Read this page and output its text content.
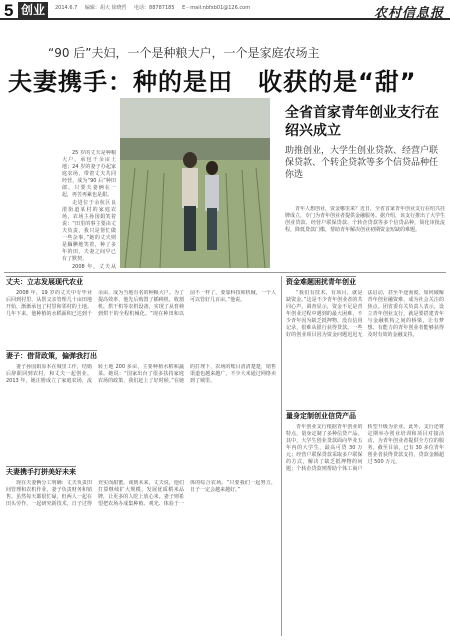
5 创业	2014.6.7 编辑：胡大 徐晓哲 电话：88787185 E－mail:nbfxb01@126.com	农村信息报
“90 后”夫妇，一个是种粮大户，一个是家庭农场主
夫妻携手：种的是田　收获的是“甜”

25 岁的丈夫是种粮大户，承包千余亩土地；24 岁的妻子办起家庭农场，带着丈夫共同经营，成为“90 后”种田郎。只要夫妻俩在一起，再苦再累也是甜。

走进位于余杭区良渚街道某村的家庭农场，农场主孙国娟笑着说：“田里的事主要由丈夫负责，我只是帮忙做一些杂事。”她的丈夫则是腼腆地笑着，种了多年的田，夫妻之间早已有了默契。

2008 年，丈夫从

全省首家青年创业支行在绍兴成立
助推创业，大学生创业贷款、经营户联保贷款、个转企贷款等多个信贷品种任你选

青年人想创业，资金哪里来？近日，全省首家青年创业支行在绍兴挂牌成立，专门为青年创业者提供金融服务。据介绍，该支行推出了大学生创业贷款、经营户联保贷款、个转企贷款等多个信贷品种，简化审批流程，降低贷款门槛，帮助青年解决创业初期资金短缺的难题。

丈夫：立志发展现代农业

2008 年，19 岁的丈夫中专毕业后回到村里，从帮父亲管理几十亩田地开始，渐渐承包了村里和邻村的土地。几年下来，他种植的水稻面积已达到千余亩，成为当地有名的种粮大户。为了提高效率，他先后购置了插秧机、收割机、烘干机等农机设备，实现了从育秧到烘干的全程机械化。“现在种田和以前不一样了，要靠科技和机械，一个人可以管好几百亩。”他说。

妻子：借背政策，偏弹我打出

妻子孙国娟原本在城里工作，结婚后辞职回到农村，和丈夫一起创业。2013 年，她注册成立了家庭农场，流转土地 200 多亩，主要种植水稻和蔬菜。她说：“国家出台了很多扶持家庭农场的政策，我们赶上了好时候。”在她的打理下，农场的账目清清楚楚，销售渠道也越来越广，不少大米通过网络卖到了城里。

夫妻携手打拼美好未来

现在夫妻俩分工明确：丈夫负责田间管理和农机作业，妻子负责财务和销售。虽然每天都很忙碌，但两人一起在田头劳作，一起研究新技术，日子过得充实而甜蜜。谈到未来，丈夫说，他们打算继续扩大规模，发展优质稻米品牌，让更多的人吃上放心米。妻子则希望把农场办成集种植、观光、体验于一体的综合农场。“只要我们一起努力，日子一定会越来越好。”

资金难题困扰青年创业

“我们有技术、有项目，就是缺资金。”这是不少青年创业者的共同心声。调查显示，资金不足是青年创业过程中遇到的最大困难，不少青年因为缺乏抵押物、没有信用记录，很难从银行获得贷款。一些好的创业项目因为资金问题迟迟无法启动，甚至半途而废。如何破解青年创业融资难，成为社会关注的焦点。团省委有关负责人表示，设立青年创业支行，就是要搭建青年与金融机构之间的桥梁，让有梦想、有能力的青年创业者能够获得及时有效的金融支持。

量身定制创业信贷产品

青年创业支行根据青年创业的特点，量身定制了多种信贷产品。其中，大学生创业贷款面向毕业五年内的大学生，最高可贷 30 万元；经营户联保贷款采取多户联保的方式，解决了缺乏抵押物的问题；个转企贷款则帮助个体工商户转型升级为企业。此外，支行还将定期举办创业培训和项目对接活动，为青年创业者提供全方位的服务。截至目前，已有 30 多位青年创业者获得贷款支持，贷款金额超过 500 万元。
